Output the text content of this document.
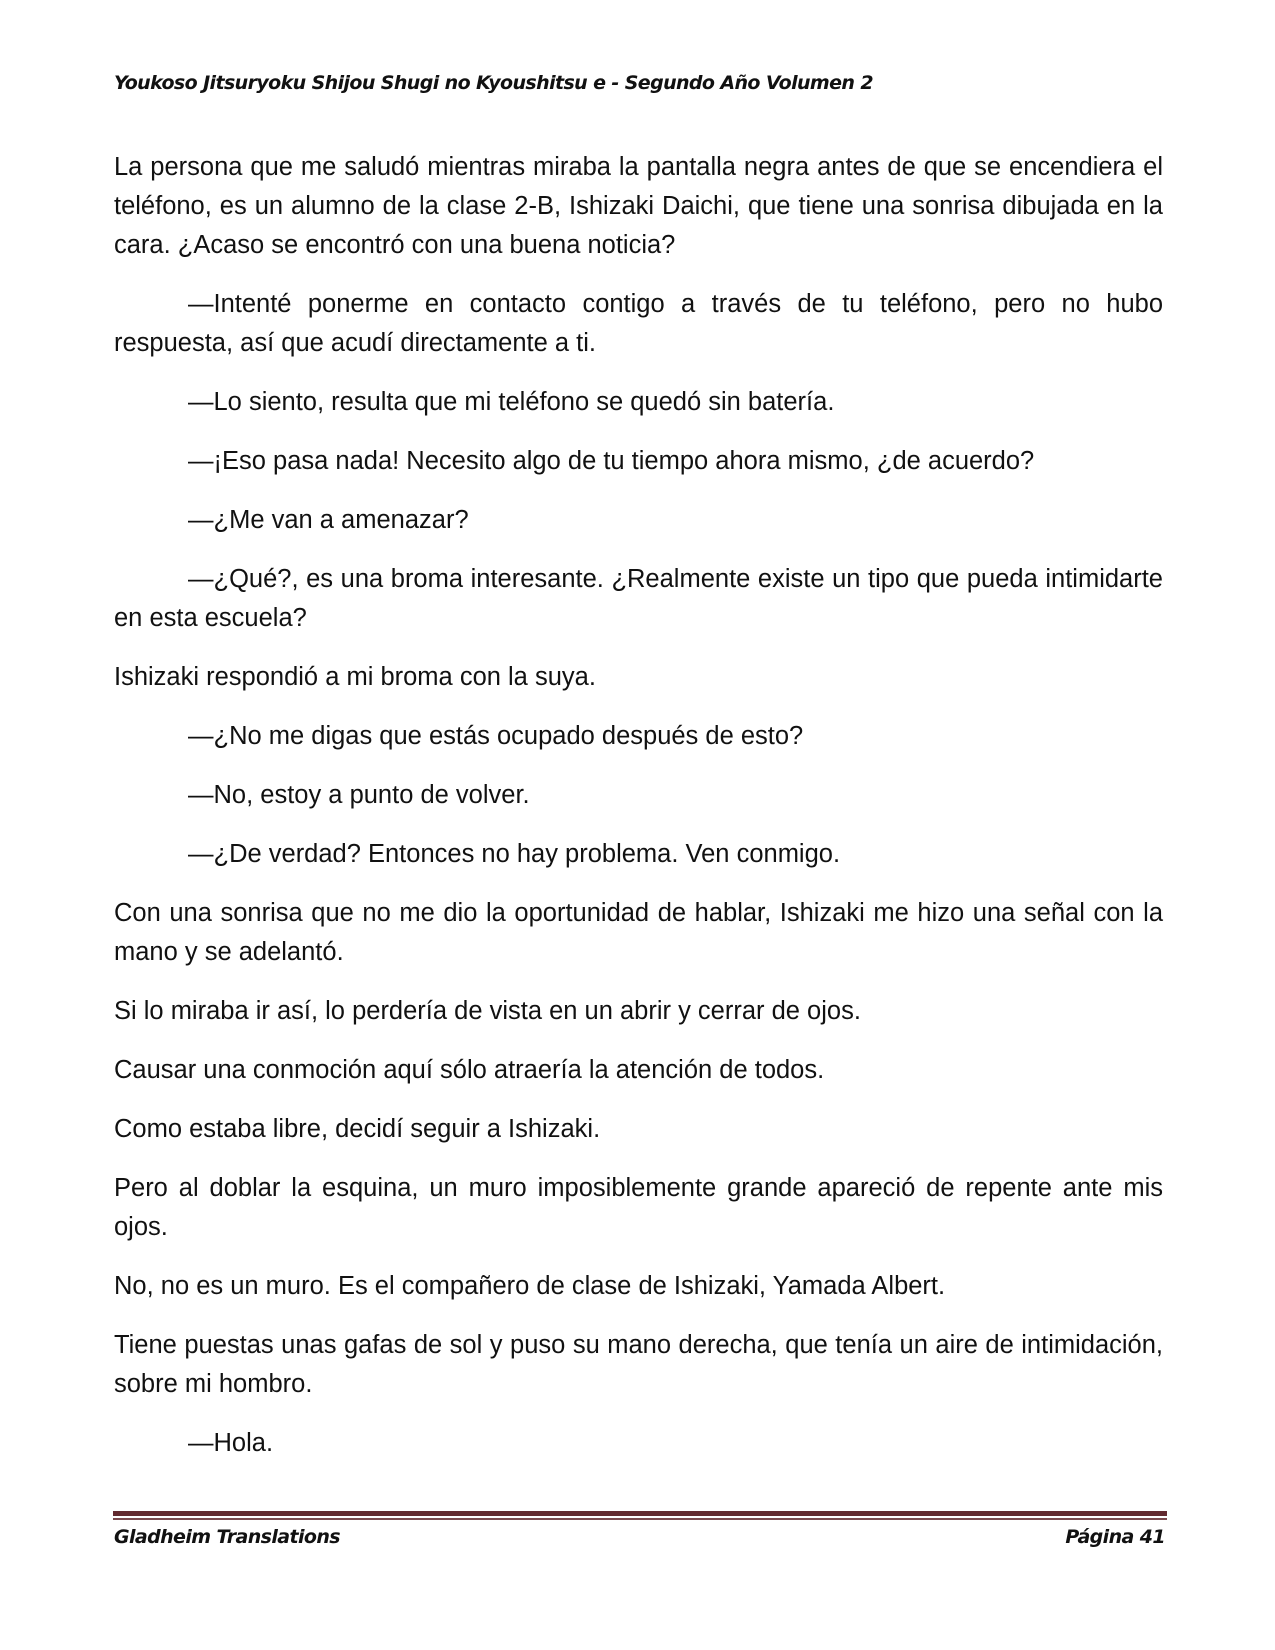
Youkoso Jitsuryoku Shijou Shugi no Kyoushitsu e - Segundo Año Volumen 2

La persona que me saludó mientras miraba la pantalla negra antes de que se encendiera el teléfono, es un alumno de la clase 2-B, Ishizaki Daichi, que tiene una sonrisa dibujada en la cara. ¿Acaso se encontró con una buena noticia?

—Intenté ponerme en contacto contigo a través de tu teléfono, pero no hubo respuesta, así que acudí directamente a ti.

—Lo siento, resulta que mi teléfono se quedó sin batería.

—¡Eso pasa nada! Necesito algo de tu tiempo ahora mismo, ¿de acuerdo?

—¿Me van a amenazar?

—¿Qué?, es una broma interesante. ¿Realmente existe un tipo que pueda intimidarte en esta escuela?

Ishizaki respondió a mi broma con la suya.

—¿No me digas que estás ocupado después de esto?

—No, estoy a punto de volver.

—¿De verdad? Entonces no hay problema. Ven conmigo.

Con una sonrisa que no me dio la oportunidad de hablar, Ishizaki me hizo una señal con la mano y se adelantó.

Si lo miraba ir así, lo perdería de vista en un abrir y cerrar de ojos.

Causar una conmoción aquí sólo atraería la atención de todos.

Como estaba libre, decidí seguir a Ishizaki.

Pero al doblar la esquina, un muro imposiblemente grande apareció de repente ante mis ojos.

No, no es un muro. Es el compañero de clase de Ishizaki, Yamada Albert.

Tiene puestas unas gafas de sol y puso su mano derecha, que tenía un aire de intimidación, sobre mi hombro.

—Hola.

Gladheim Translations	Página 41
